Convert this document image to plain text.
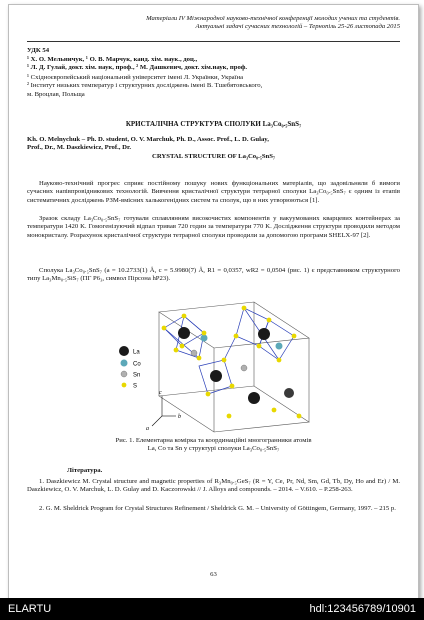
Матеріали IV Міжнародної науково-технічної конференції молодих учених та студентів.
Актуальні задачі сучасних технологій – Тернопіль 25-26 листопада 2015
УДК 54
¹ Х. О. Мельничук, ¹ О. В. Марчук, канд. хім. наук., доц.,
¹ Л. Д. Гулай, докт. хім. наук, проф., ² М. Дашкевич, докт. хім.наук, проф.
¹ Східноєвропейський національний університет імені Л. Українки, Україна
² Інститут низьких температур і структурних досліджень імені В. Тшебятовського,
м. Вроцлав, Польща
КРИСТАЛІЧНА СТРУКТУРА СПОЛУКИ La₃Co₀.₅SnS₇
Kh. O. Melnychuk – Ph. D. student, O. V. Marchuk, Ph. D., Assoc. Prof., L. D. Gulay,
Prof., Dr., M. Daszkiewicz, Prof., Dr.
CRYSTAL STRUCTURE OF La₃Co₀.₅SnS₇
Науково-технічний прогрес сприяє постійному пошуку нових функціональних матеріалів, що задовільняли б вимоги сучасних напівпровідникових технологій. Вивчення кристалічної структури тетрарної сполуки La₃Co₀.₅SnS₇ є одним із етапів систематичних досліджень РЗМ-вмісних халькогенідних систем та сполук, що в них утворюються [1].
Зразок складу La₃Co₀.₅SnS₇ готували сплавлянням високочистих компонентів у вакуумованих кварцевих контейнерах за температури 1420 K. Гомогенізуючий відпал тривав 720 годин за температури 770 K. Дослідження структури проводили методом монокристалу. Розрахунок кристалічної структури тетрарної сполуки проводили за допомогою програми SHELX-97 [2].
Сполука La₃Co₀.₅SnS₇ (a = 10.2733(1) Å, c = 5.9980(7) Å, R1 = 0,0357, wR2 = 0,0504 (рис. 1) є представником структурного типу La₃Mn₀.₅SiS₇ (ПГ P6₃, символ Пірсона hP23).
La
Co
Sn
S
c
b
a
Рис. 1. Елементарна комірка та координаційні многогранники атомів
La, Co та Sn у структурі сполуки La₃Co₀.₅SnS₇
Література.
1. Daszkiewicz M. Crystal structure and magnetic properties of R₃Mn₀.₅GeS₇ (R = Y, Ce, Pr, Nd, Sm, Gd, Tb, Dy, Ho and Er) / M. Daszkiewicz, O. V. Marchuk, L. D. Gulay and D. Kaczorowski // J. Alloys and compounds. – 2014. – V.610. – P.258-263.
2. G. M. Sheldrick Program for Crystal Structures Refinement / Sheldrick G. M. – University of Göttingem, Germany, 1997. – 215 p.
63
ELARTU	hdl:123456789/10901
